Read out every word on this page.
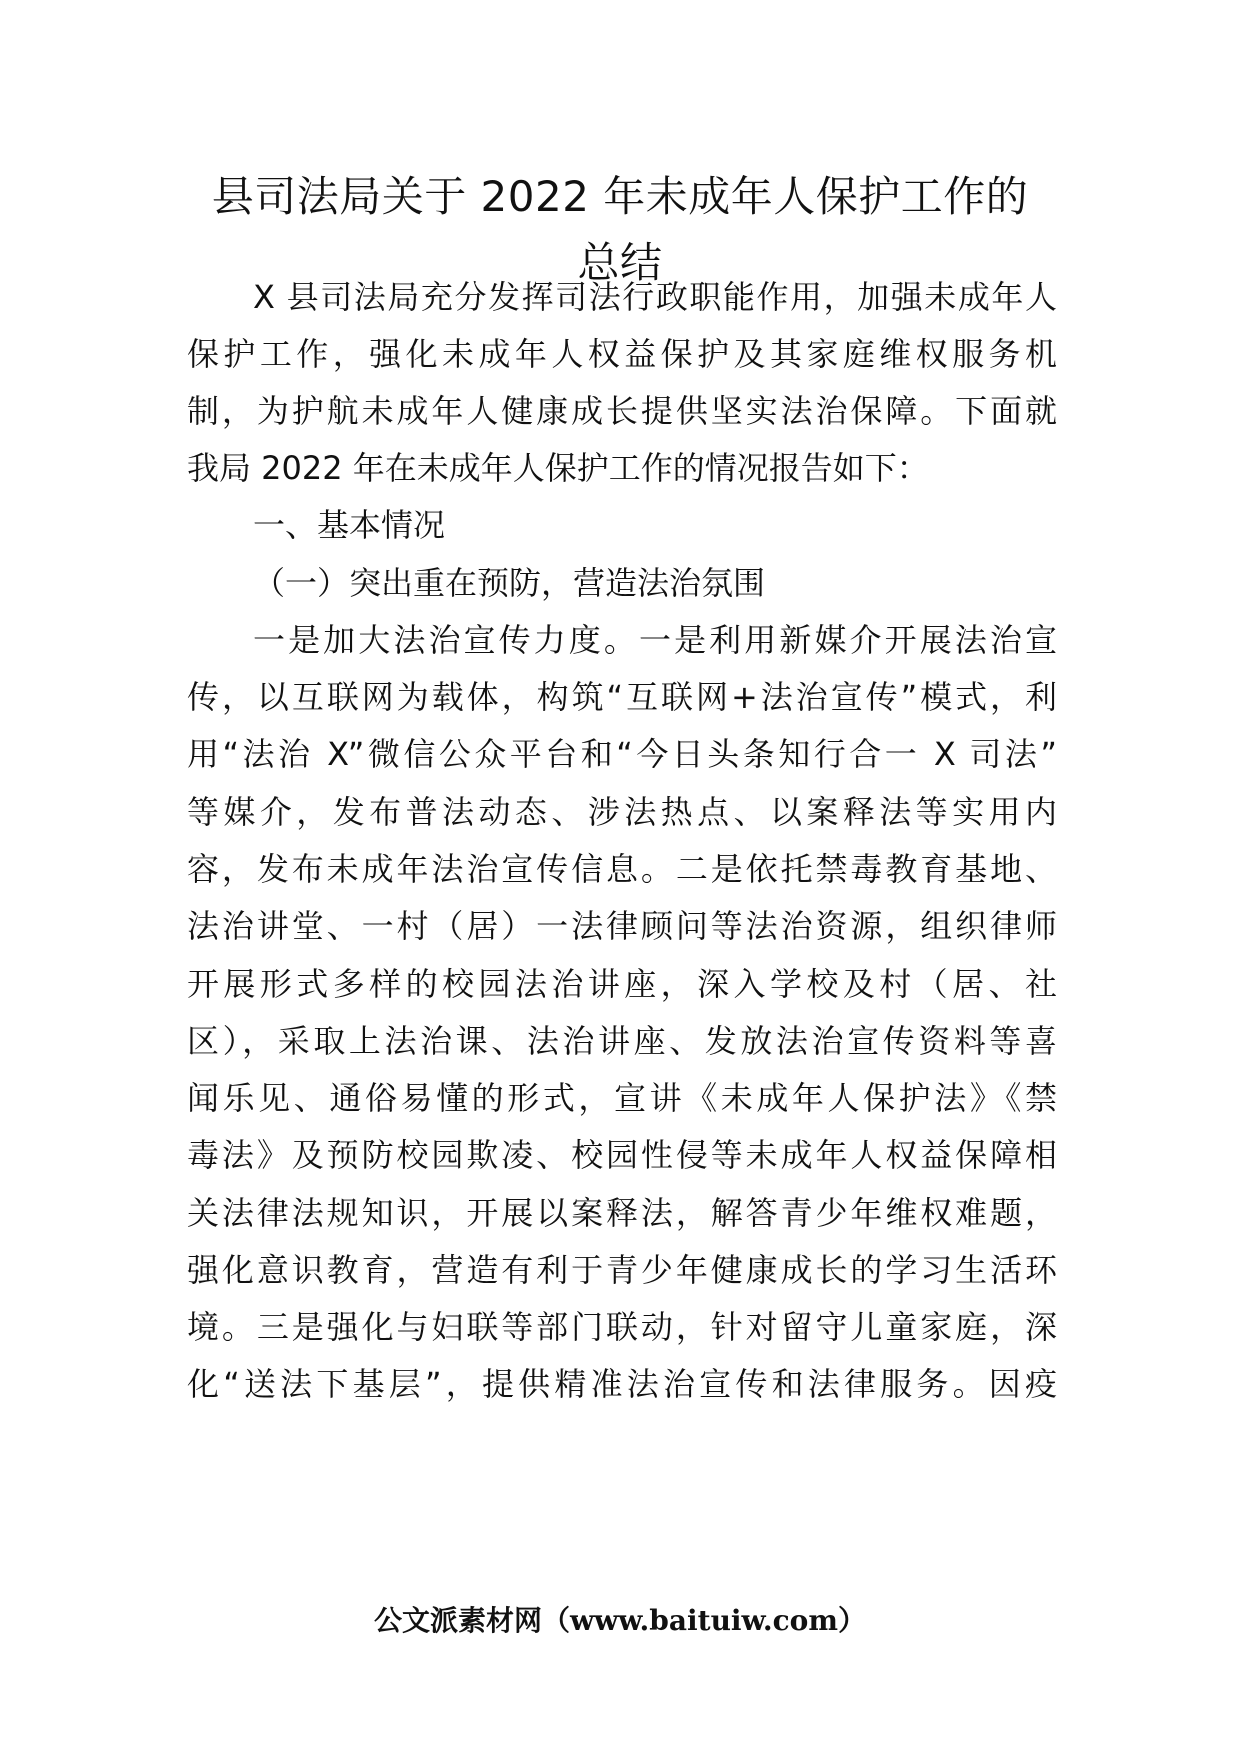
县司法局关于 2022 年未成年人保护工作的
总结
X 县司法局充分发挥司法行政职能作用，加强未成年人
保护工作，强化未成年人权益保护及其家庭维权服务机
制，为护航未成年人健康成长提供坚实法治保障。下面就
我局 2022 年在未成年人保护工作的情况报告如下：
一、基本情况
（一）突出重在预防，营造法治氛围
一是加大法治宣传力度。一是利用新媒介开展法治宣
传，以互联网为载体，构筑“互联网+法治宣传”模式，利
用“法治 X”微信公众平台和“今日头条知行合一 X 司法”
等媒介，发布普法动态、涉法热点、以案释法等实用内
容，发布未成年法治宣传信息。二是依托禁毒教育基地、
法治讲堂、一村（居）一法律顾问等法治资源，组织律师
开展形式多样的校园法治讲座，深入学校及村（居、社
区），采取上法治课、法治讲座、发放法治宣传资料等喜
闻乐见、通俗易懂的形式，宣讲《未成年人保护法》《禁
毒法》及预防校园欺凌、校园性侵等未成年人权益保障相
关法律法规知识，开展以案释法，解答青少年维权难题，
强化意识教育，营造有利于青少年健康成长的学习生活环
境。三是强化与妇联等部门联动，针对留守儿童家庭，深
化“送法下基层”，提供精准法治宣传和法律服务。因疫
公文派素材网（www.baituiw.com）
